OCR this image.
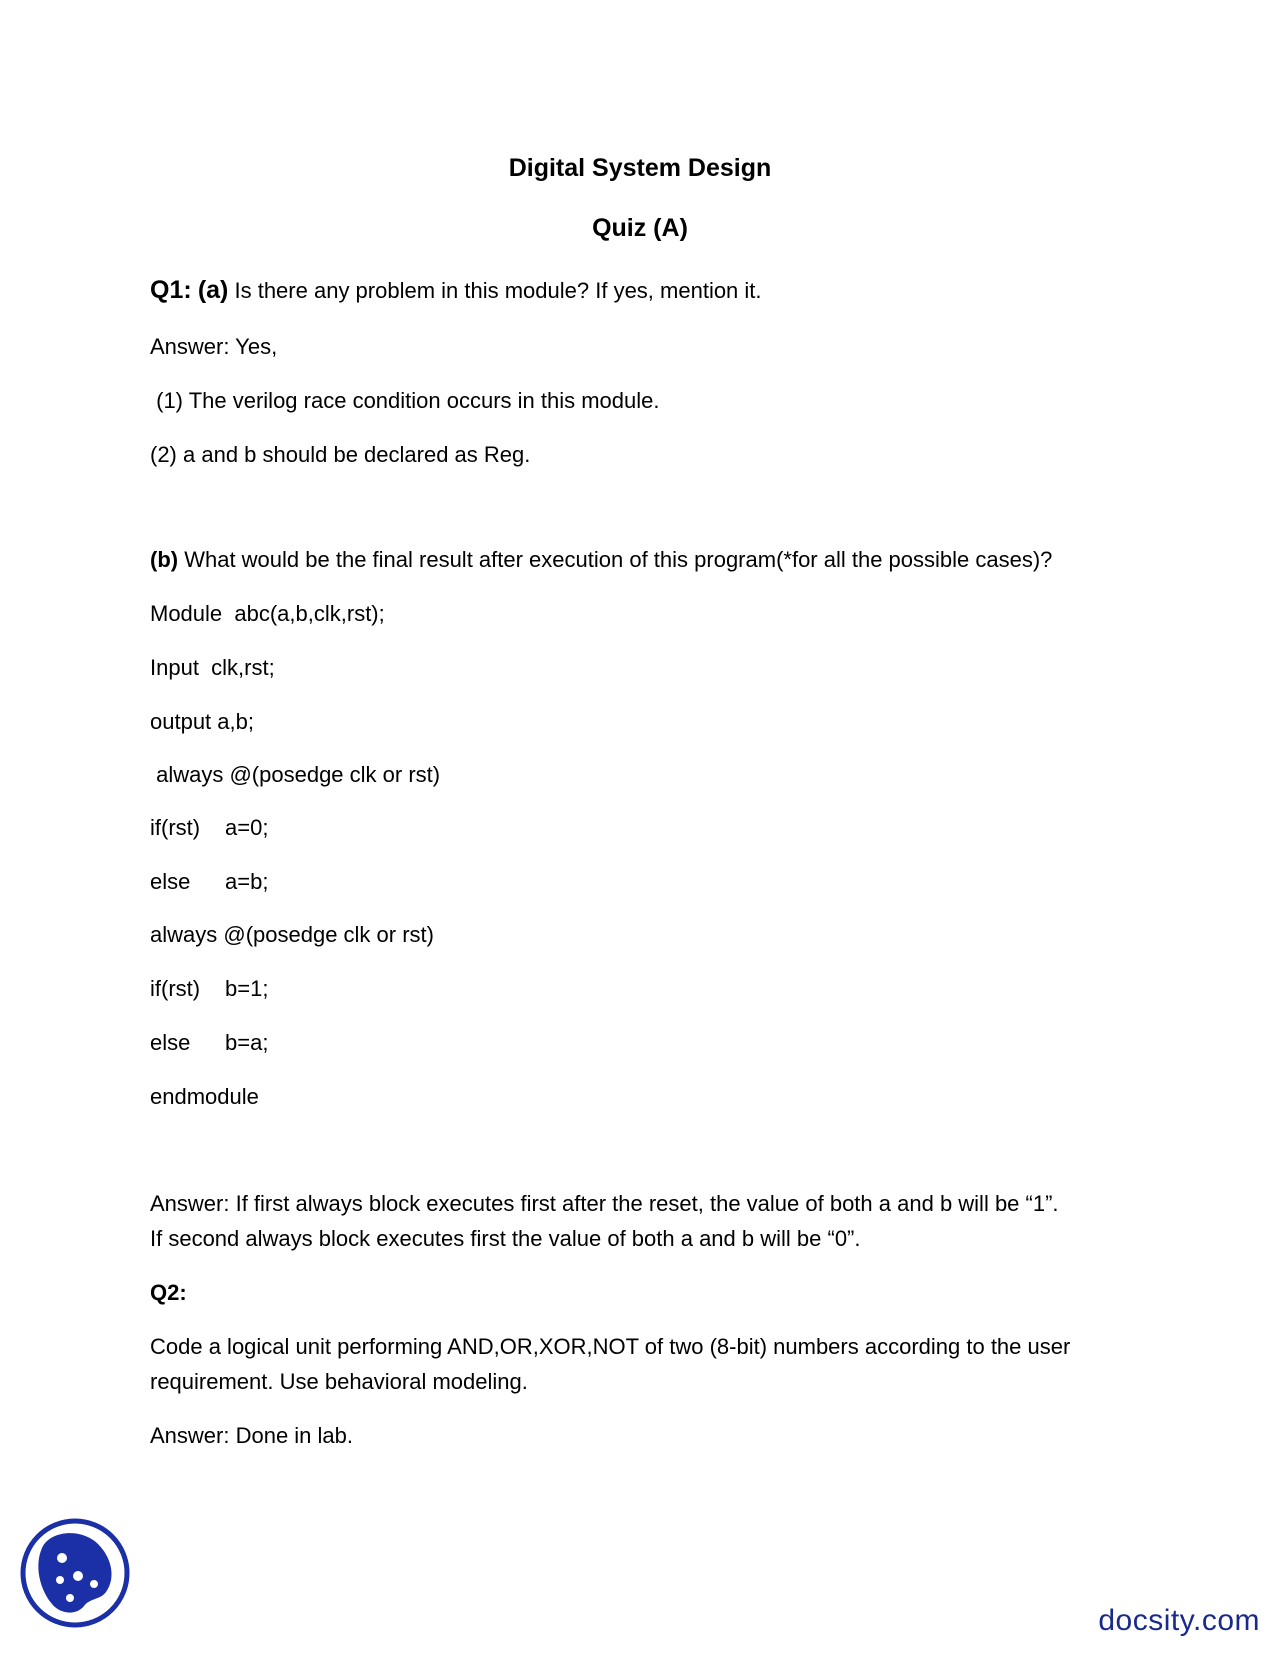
Digital System Design
Quiz (A)
Q1: (a) Is there any problem in this module? If yes, mention it.
Answer: Yes,
(1) The verilog race condition occurs in this module.
(2) a and b should be declared as Reg.
(b) What would be the final result after execution of this program(*for all the possible cases)?
Module  abc(a,b,clk,rst);
Input  clk,rst;
output a,b;
always @(posedge clk or rst)
if(rst) a=0;
else a=b;
always @(posedge clk or rst)
if(rst) b=1;
else b=a;
endmodule
Answer: If first always block executes first after the reset, the value of both a and b will be “1”.
If second always block executes first the value of both a and b will be “0”.
Q2:
Code a logical unit performing AND,OR,XOR,NOT of two (8-bit) numbers according to the user
requirement. Use behavioral modeling.
Answer: Done in lab.
docsity.com
